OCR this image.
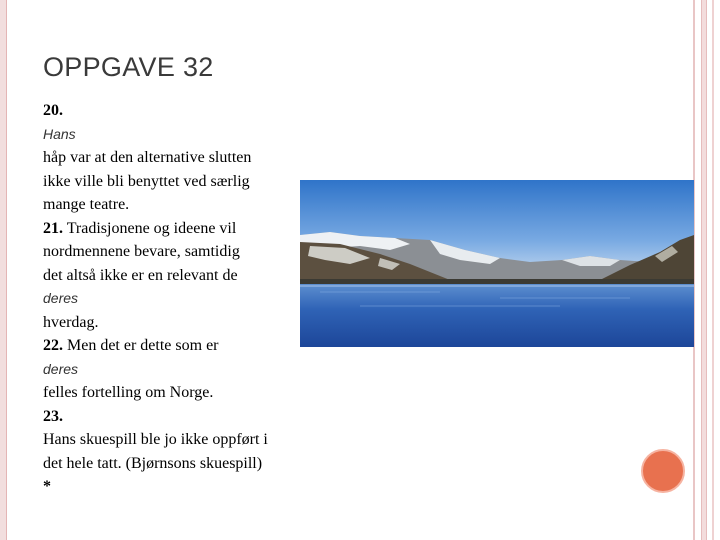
OPPGAVE 32
20.
Hans
håp var at den alternative slutten
ikke ville bli benyttet ved særlig
mange teatre.
21. Tradisjonene og ideene vil
nordmennene bevare, samtidig
det altså ikke er en relevant de
deres
hverdag.
22. Men det er dette som er
deres
felles fortelling om Norge.
23.
Hans skuespill ble jo ikke oppført i
det hele tatt. (Bjørnsons skuespill)
*
